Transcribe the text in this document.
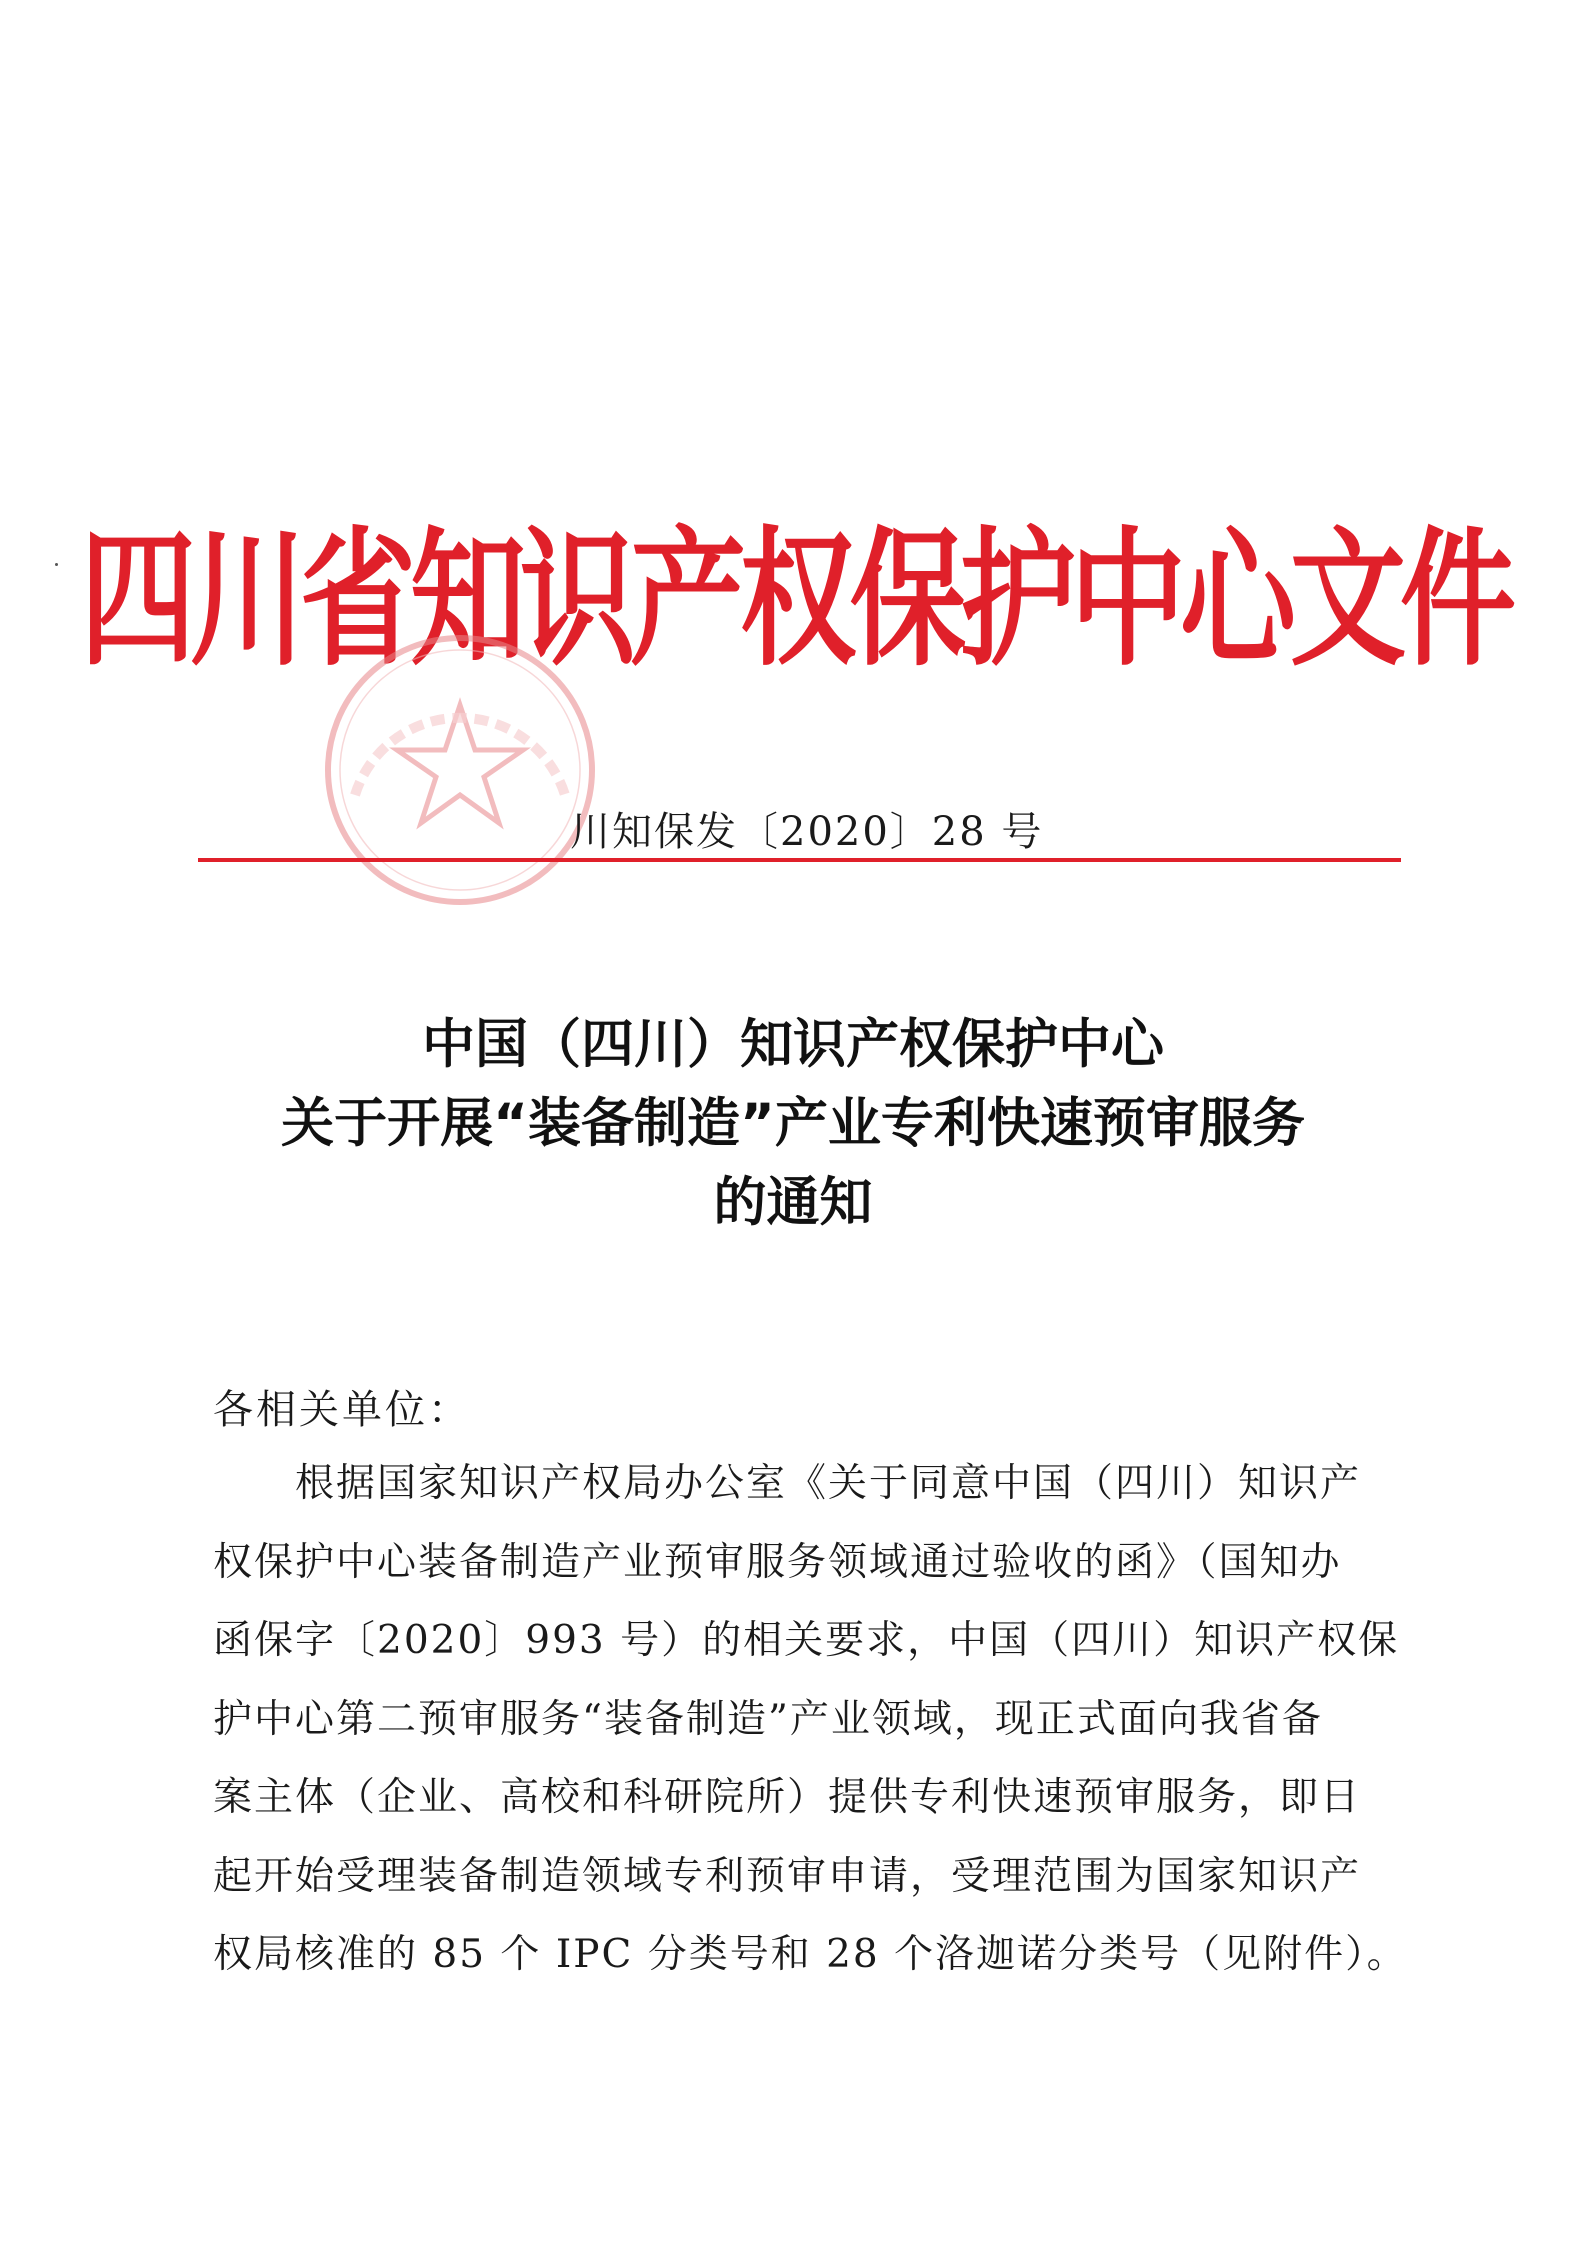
四川省知识产权保护中心文件
川知保发〔2020〕28 号
中国（四川）知识产权保护中心
关于开展“装备制造”产业专利快速预审服务
的通知
各相关单位：
　　根据国家知识产权局办公室《关于同意中国（四川）知识产
权保护中心装备制造产业预审服务领域通过验收的函》（国知办
函保字〔2020〕993 号）的相关要求，中国（四川）知识产权保
护中心第二预审服务“装备制造”产业领域，现正式面向我省备
案主体（企业、高校和科研院所）提供专利快速预审服务，即日
起开始受理装备制造领域专利预审申请，受理范围为国家知识产
权局核准的 85 个 IPC 分类号和 28 个洛迦诺分类号（见附件）。
